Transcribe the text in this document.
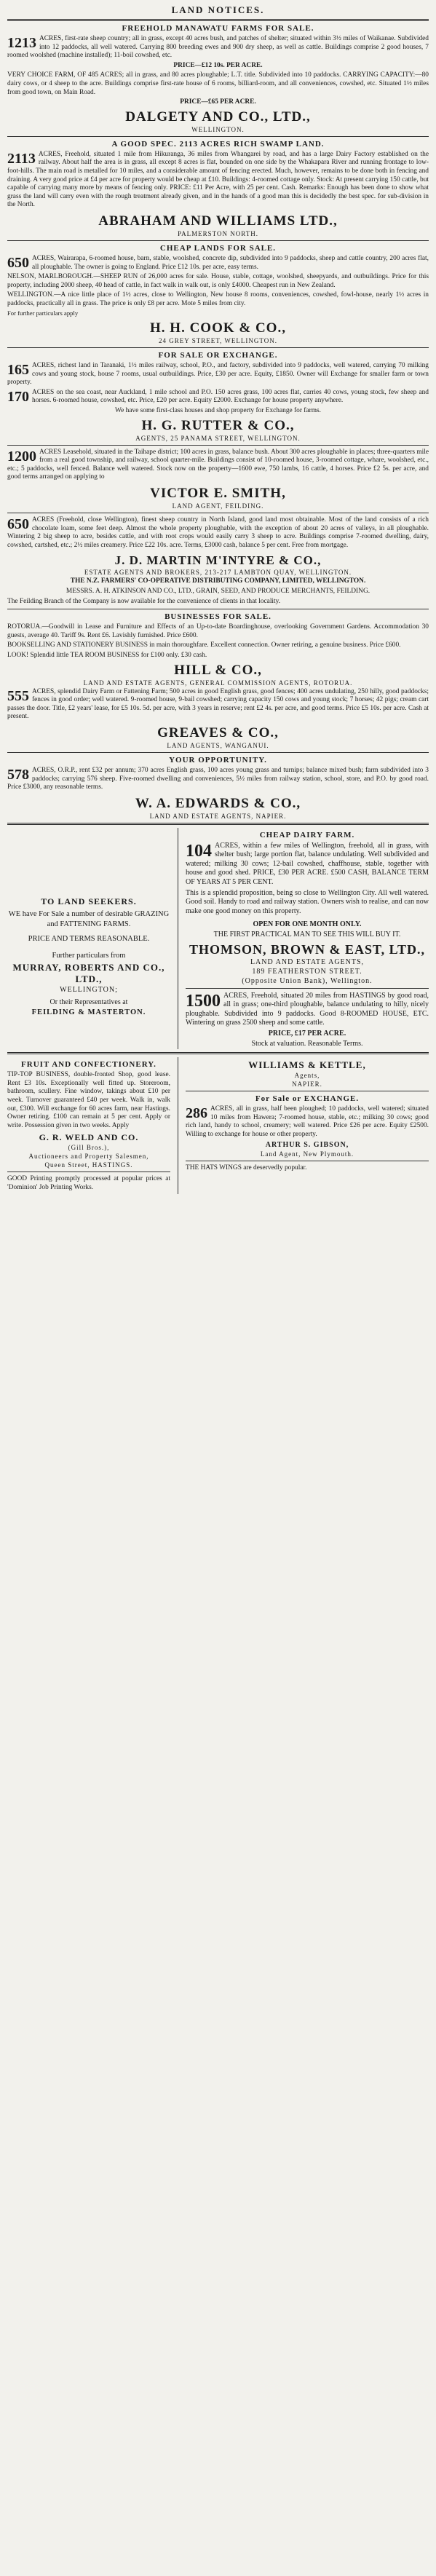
LAND NOTICES.
FREEHOLD MANAWATU FARMS FOR SALE.
1213 ACRES, first-rate sheep country; all in grass, except 40 acres bush, and patches of shelter; situated within 3½ miles of Waikanae. Subdivided into 12 paddocks, all well watered. Carrying 800 breeding ewes and 900 dry sheep, as well as cattle. Buildings comprise 2 good houses, 7 roomed woolshed (machine installed); 11-boil cowshed, etc.
PRICE—£12 10s. PER ACRE.
VERY CHOICE FARM, OF 485 ACRES; all in grass, and 80 acres ploughable; L.T. title. Subdivided into 10 paddocks. CARRYING CAPACITY:—80 dairy cows, or 4 sheep to the acre. Buildings comprise first-rate house of 6 rooms, billiard-room, and all conveniences, cowshed, etc. Situated 1½ miles from good town, on Main Road.
PRICE—£65 PER ACRE.
DALGETY AND CO., LTD.,
WELLINGTON.
A GOOD SPEC. 2113 ACRES RICH SWAMP LAND.
2113 ACRES, Freehold, situated 1 mile from Hikuranga, 36 miles from Whangarei by road, and has a large Dairy Factory established on the railway. About half the area is in grass, all except 8 acres is flat, bounded on one side by the Whakapara River and running frontage to low-foot-hills. The main road is metalled for 10 miles, and a considerable amount of fencing erected. Much, however, remains to be done both in fencing and draining. A very good price at £4 per acre for property would be cheap at £10. Buildings: 4-roomed cottage only. Stock: At present carrying 150 cattle, but capable of carrying many more by means of fencing only. PRICE: £11 Per Acre, with 25 per cent. Cash. Remarks: Enough has been done to show what grass the land will carry even with the rough treatment already given, and in the hands of a good man this is decidedly the best spec. for sub-division in the North.
ABRAHAM AND WILLIAMS LTD.,
PALMERSTON NORTH.
CHEAP LANDS FOR SALE.
650 ACRES, Wairarapa, 6-roomed house, barn, stable, woolshed, concrete dip, subdivided into 9 paddocks, sheep and cattle country, 200 acres flat, all ploughable. The owner is going to England. Price £12 10s. per acre, easy terms.
NELSON, MARLBOROUGH.—SHEEP RUN of 26,000 acres for sale. House, stable, cottage, woolshed, sheepyards, and outbuildings. Price for this property, including 2000 sheep, 40 head of cattle, in fact walk in walk out, is only £4000. Cheapest run in New Zealand.
WELLINGTON.—A nice little place of 1½ acres, close to Wellington, New house 8 rooms, conveniences, cowshed, fowl-house, nearly 1½ acres in paddocks, practically all in grass. The price is only £8 per acre. Mote 5 miles from city.
For further particulars apply
H. H. COOK & CO.,
24 GREY STREET, WELLINGTON.
FOR SALE OR EXCHANGE.
165 ACRES, richest land in Taranaki, 1½ miles railway, school, P.O., and factory, subdivided into 9 paddocks, well watered, carrying 70 milking cows and young stock, house 7 rooms, usual outbuildings. Price, £30 per acre. Equity, £1850. Owner will Exchange for smaller farm or town property.
170 ACRES on the sea coast, near Auckland, 1 mile school and P.O. 150 acres grass, 100 acres flat, carries 40 cows, young stock, few sheep and horses. 6-roomed house, cowshed, etc. Price, £20 per acre. Equity £2000. Exchange for house property anywhere.
We have some first-class houses and shop property for Exchange for farms.
H. G. RUTTER & CO.,
AGENTS, 25 PANAMA STREET, WELLINGTON.
1200 ACRES Leasehold, situated in the Taihape district; 100 acres in grass, balance bush. About 300 acres ploughable in places; three-quarters mile from a real good township, and railway, school quarter-mile. Buildings consist of 10-roomed house, 3-roomed cottage, whare, woolshed, etc., etc.; 5 paddocks, well fenced. Balance well watered. Stock now on the property—1600 ewe, 750 lambs, 16 cattle, 4 horses. Price £2 5s. per acre, and good terms arranged on applying to
VICTOR E. SMITH,
LAND AGENT, FEILDING.
650 ACRES (Freehold, close Wellington), finest sheep country in North Island, good land most obtainable. Most of the land consists of a rich chocolate loam, some feet deep. Almost the whole property ploughable, with the exception of about 20 acres of valleys, in all ploughable. Wintering 2 big sheep to acre, besides cattle, and with root crops would easily carry 3 sheep to acre. Buildings comprise 7-roomed dwelling, dairy, cowshed, cartshed, etc.; 2½ miles creamery. Price £22 10s. acre. Terms, £3000 cash, balance 5 per cent. Free from mortgage.
J. D. MARTIN M'INTYRE & CO.,
ESTATE AGENTS AND BROKERS, 213-217 LAMBTON QUAY, WELLINGTON.
THE N.Z. FARMERS' CO-OPERATIVE DISTRIBUTING COMPANY, LIMITED, WELLINGTON.
MESSRS. A. H. ATKINSON AND CO., LTD., GRAIN, SEED, AND PRODUCE MERCHANTS, FEILDING.
The Feilding Branch of the Company is now available for the convenience of clients in that locality.
BUSINESSES FOR SALE.
ROTORUA.—Goodwill in Lease and Furniture and Effects of an Up-to-date Boardinghouse, overlooking Government Gardens. Accommodation 30 guests, average 40. Tariff 9s. Rent £6. Lavishly furnished. Price £600.
BOOKSELLING AND STATIONERY BUSINESS in main thoroughfare. Excellent connection. Owner retiring, a genuine business. Price £600.
LOOK! Splendid little TEA ROOM BUSINESS for £100 only. £30 cash.
HILL & CO.,
LAND AND ESTATE AGENTS, GENERAL COMMISSION AGENTS, ROTORUA.
555 ACRES, splendid Dairy Farm or Fattening Farm; 500 acres in good English grass, good fences; 400 acres undulating, 250 hilly, good paddocks; fences in good order; well watered. 9-roomed house, 9-bail cowshed; carrying capacity 150 cows and young stock; 7 horses; 42 pigs; cream cart passes the door. Title, £2 years' lease, for £5 10s. 5d. per acre, with 3 years in reserve; rent £2 4s. per acre, and good terms. Price £5 10s. per acre. Cash at present.
GREAVES & CO.,
LAND AGENTS, WANGANUI.
YOUR OPPORTUNITY.
578 ACRES, O.R.P., rent £32 per annum; 370 acres English grass, 100 acres young grass and turnips; balance mixed bush; farm subdivided into 3 paddocks; carrying 576 sheep. Five-roomed dwelling and conveniences, 5½ miles from railway station, school, store, and P.O. by good road. Price £3000, any reasonable terms.
W. A. EDWARDS & CO.,
LAND AND ESTATE AGENTS, NAPIER.
TO LAND SEEKERS.
WE have For Sale a number of desirable GRAZING and FATTENING FARMS.
PRICE AND TERMS REASONABLE.
Further particulars from
MURRAY, ROBERTS AND CO., LTD.,
WELLINGTON;
Or their Representatives at
FEILDING & MASTERTON.
CHEAP DAIRY FARM.
104 ACRES, within a few miles of Wellington, freehold, all in grass, with shelter bush; large portion flat, balance undulating. Well subdivided and watered; milking 30 cows; 12-bail cowshed, chaffhouse, stable, together with house and good shed. PRICE, £30 PER ACRE. £500 CASH, BALANCE TERM OF YEARS AT 5 PER CENT.
This is a splendid proposition, being so close to Wellington City. All well watered. Good soil. Handy to road and railway station. Owners wish to realise, and can now make one good money on this property.
OPEN FOR ONE MONTH ONLY.
THE FIRST PRACTICAL MAN TO SEE THIS WILL BUY IT.
THOMSON, BROWN & EAST, LTD.,
LAND AND ESTATE AGENTS,
189 FEATHERSTON STREET.
(Opposite Union Bank), Wellington.
1500 ACRES, Freehold, situated 20 miles from HASTINGS by good road, all in grass; one-third ploughable, balance undulating to hilly, nicely ploughable. Subdivided into 9 paddocks. Good 8-ROOMED HOUSE, ETC. Wintering on grass 2500 sheep and some cattle.
PRICE, £17 PER ACRE.
Stock at valuation. Reasonable Terms.
FRUIT AND CONFECTIONERY.
TIP-TOP BUSINESS, double-fronted Shop, good lease. Rent £3 10s. Exceptionally well fitted up. Storeroom, bathroom, scullery. Fine window, takings about £10 per week. Turnover guaranteed £40 per week. Walk in, walk out, £300. Will exchange for 60 acres farm, near Hastings. Owner retiring. £100 can remain at 5 per cent. Apply or write. Possession given in two weeks. Apply
G. R. WELD AND CO.
(Gill Bros.),
Auctioneers and Property Salesmen,
Queen Street, HASTINGS.
GOOD Printing promptly processed at popular prices at 'Dominion' Job Printing Works.
WILLIAMS & KETTLE,
Agents,
NAPIER.
For Sale or EXCHANGE.
286 ACRES, all in grass, half been ploughed; 10 paddocks, well watered; situated 10 miles from Hawera; 7-roomed house, stable, etc.; milking 30 cows; good rich land, handy to school, creamery; well watered. Price £26 per acre. Equity £2500. Willing to exchange for house or other property.
ARTHUR S. GIBSON,
Land Agent, New Plymouth.
THE HATS WINGS are deservedly popular.
